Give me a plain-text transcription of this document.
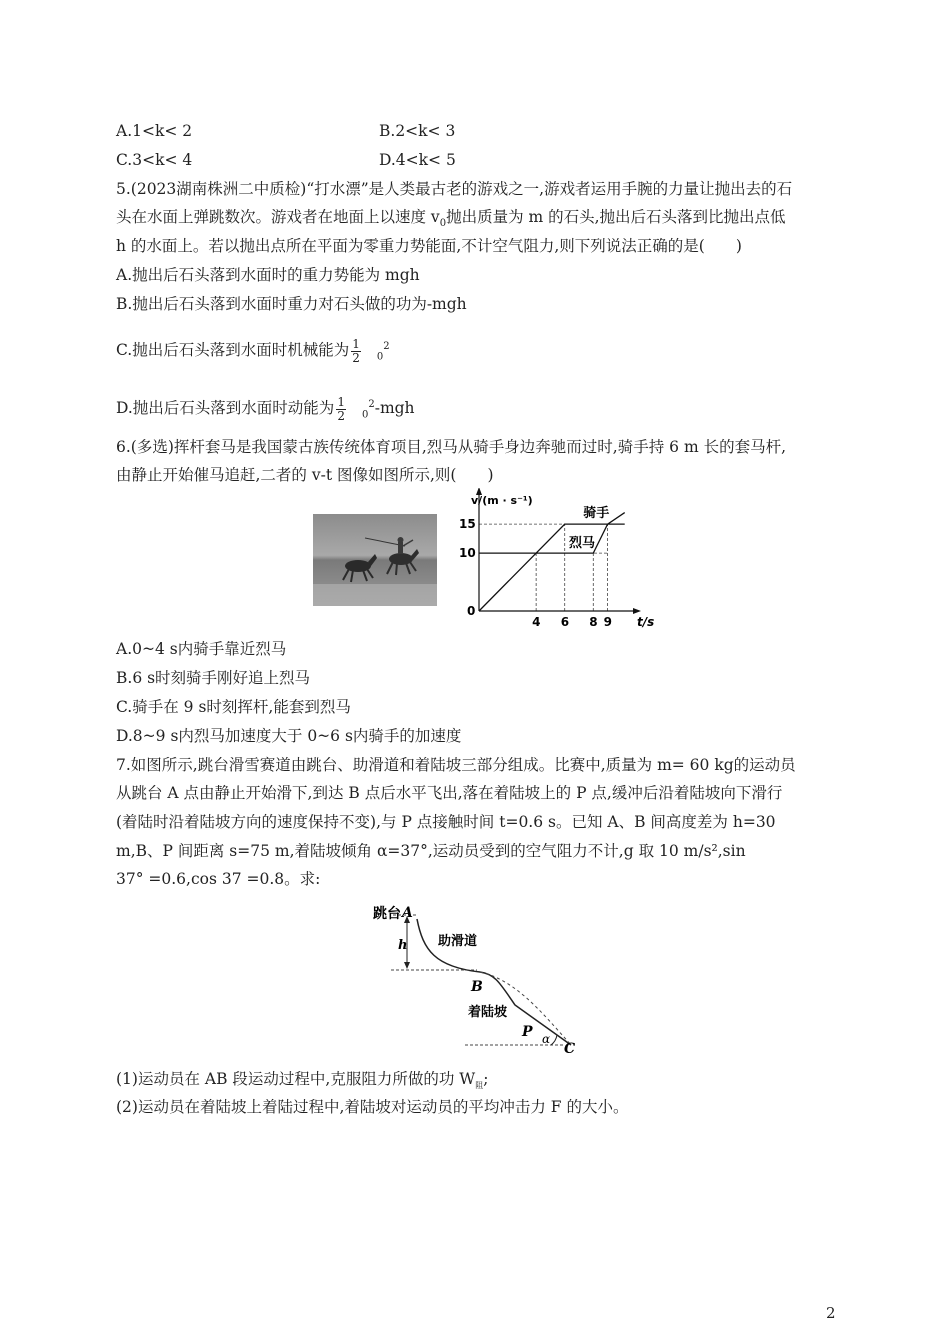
A.1<k< 2	B.2<k< 3
C.3<k< 4	D.4<k< 5
5.(2023湖南株洲二中质检)“打水漂”是人类最古老的游戏之一,游戏者运用手腕的力量让抛出去的石
头在水面上弹跳数次。游戏者在地面上以速度 $v_0$抛出质量为 m 的石头,抛出后石头落到比抛出点低
h 的水面上。若以抛出点所在平面为零重力势能面,不计空气阻力,则下列说法正确的是(　　)
A.抛出后石头落到水面时的重力势能为 mgh
B.抛出后石头落到水面时重力对石头做的功为-mgh
C.抛出后石头落到水面时机械能为 $\frac{1}{2} _0^2$
D.抛出后石头落到水面时动能为 $\frac{1}{2} _0^2-mgh$
6.(多选)挥杆套马是我国蒙古族传统体育项目,烈马从骑手身边奔驰而过时,骑手持 6 m 长的套马杆,
由静止开始催马追赶,二者的 v-t 图像如图所示,则(　　)
4 6 8 9
10
15
0
t/s
v/(m · s⁻¹)
骑手
烈马
A.0~4 s内骑手靠近烈马
B.6 s时刻骑手刚好追上烈马
C.骑手在 9 s时刻挥杆,能套到烈马
D.8~9 s内烈马加速度大于 0~6 s内骑手的加速度
7.如图所示,跳台滑雪赛道由跳台、助滑道和着陆坡三部分组成。比赛中,质量为 m= 60 kg的运动员
从跳台 A 点由静止开始滑下,到达 B 点后水平飞出,落在着陆坡上的 P 点,缓冲后沿着陆坡向下滑行
(着陆时沿着陆坡方向的速度保持不变),与 P 点接触时间 t=0.6 s。已知 A、B 间高度差为 h=30
m,B、P 间距离 s=75 m,着陆坡倾角 α=37°,运动员受到的空气阻力不计,g 取 10 m/s²,sin
37° =0.6,cos 37 =0.8。求:
跳台 A
h 助滑道
B
着陆坡
P α
C
(1)运动员在 AB 段运动过程中,克服阻力所做的功 $W_阻$;
(2)运动员在着陆坡上着陆过程中,着陆坡对运动员的平均冲击力 F 的大小。
2
